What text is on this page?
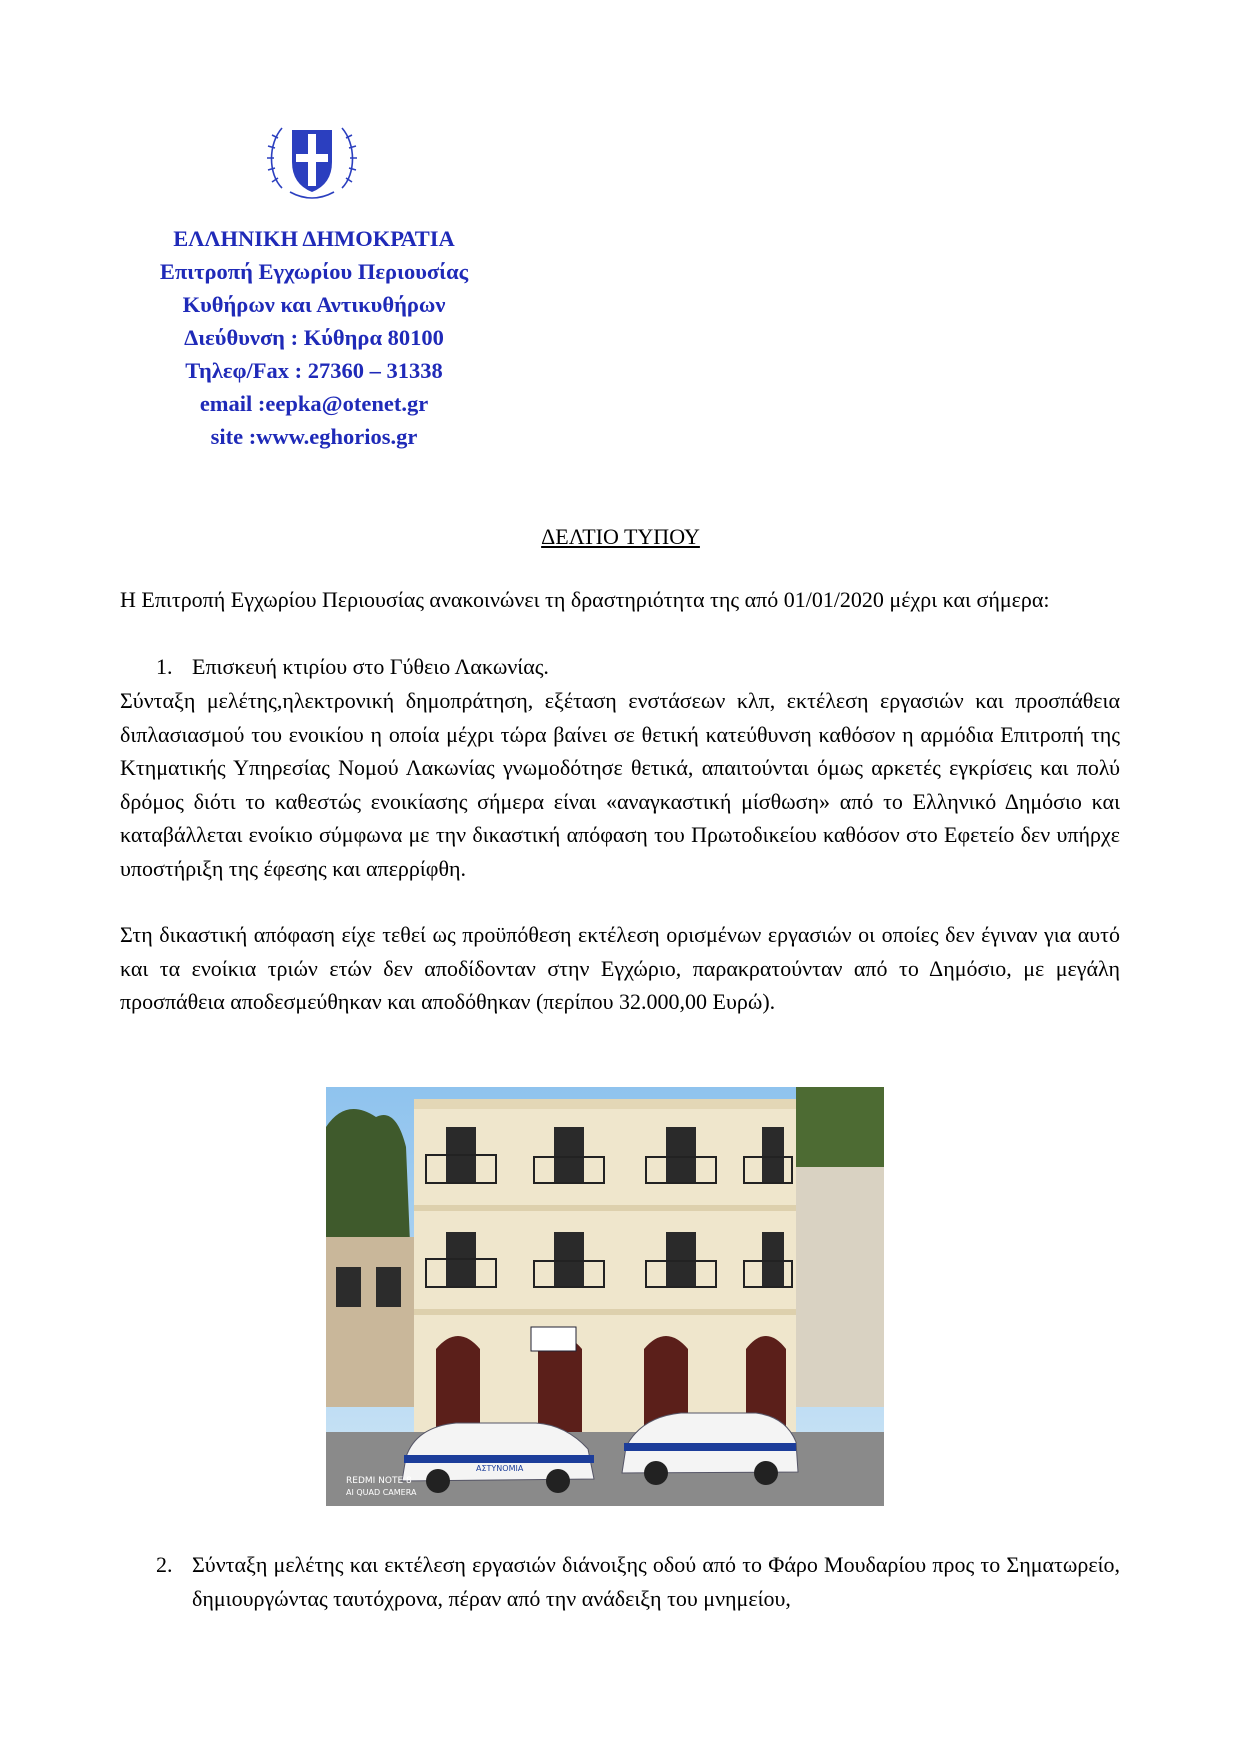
ΕΛΛΗΝΙΚΗ ΔΗΜΟΚΡΑΤΙΑ
Επιτροπή Εγχωρίου Περιουσίας
Κυθήρων και Αντικυθήρων
Διεύθυνση : Κύθηρα 80100
Τηλεφ/Fax : 27360 – 31338
email :eepka@otenet.gr
site :www.eghorios.gr
ΔΕΛΤΙΟ ΤΥΠΟΥ
Η Επιτροπή Εγχωρίου Περιουσίας ανακοινώνει τη δραστηριότητα της από 01/01/2020 μέχρι και σήμερα:
1. Επισκευή κτιρίου στο Γύθειο Λακωνίας.
Σύνταξη μελέτης,ηλεκτρονική δημοπράτηση, εξέταση ενστάσεων κλπ, εκτέλεση εργασιών και προσπάθεια διπλασιασμού του ενοικίου η οποία μέχρι τώρα βαίνει σε θετική κατεύθυνση καθόσον η αρμόδια Επιτροπή της Κτηματικής Υπηρεσίας Νομού Λακωνίας γνωμοδότησε θετικά, απαιτούνται όμως αρκετές εγκρίσεις και πολύ δρόμος διότι το καθεστώς ενοικίασης σήμερα είναι «αναγκαστική μίσθωση» από το Ελληνικό Δημόσιο και καταβάλλεται ενοίκιο σύμφωνα με την δικαστική απόφαση του Πρωτοδικείου καθόσον στο Εφετείο δεν υπήρχε υποστήριξη της έφεσης και απερρίφθη.
Στη δικαστική απόφαση είχε τεθεί ως προϋπόθεση εκτέλεση ορισμένων εργασιών οι οποίες δεν έγιναν για αυτό και τα ενοίκια τριών ετών δεν αποδίδονταν στην Εγχώριο, παρακρατούνταν από το Δημόσιο, με μεγάλη προσπάθεια αποδεσμεύθηκαν και αποδόθηκαν (περίπου 32.000,00 Ευρώ).
ΑΣΤΥΝΟΜΙΑ
REDMI NOTE 8
AI QUAD CAMERA
2. Σύνταξη μελέτης και εκτέλεση εργασιών διάνοιξης οδού από το Φάρο Μουδαρίου προς το Σηματωρείο, δημιουργώντας ταυτόχρονα, πέραν από την ανάδειξη του μνημείου,
